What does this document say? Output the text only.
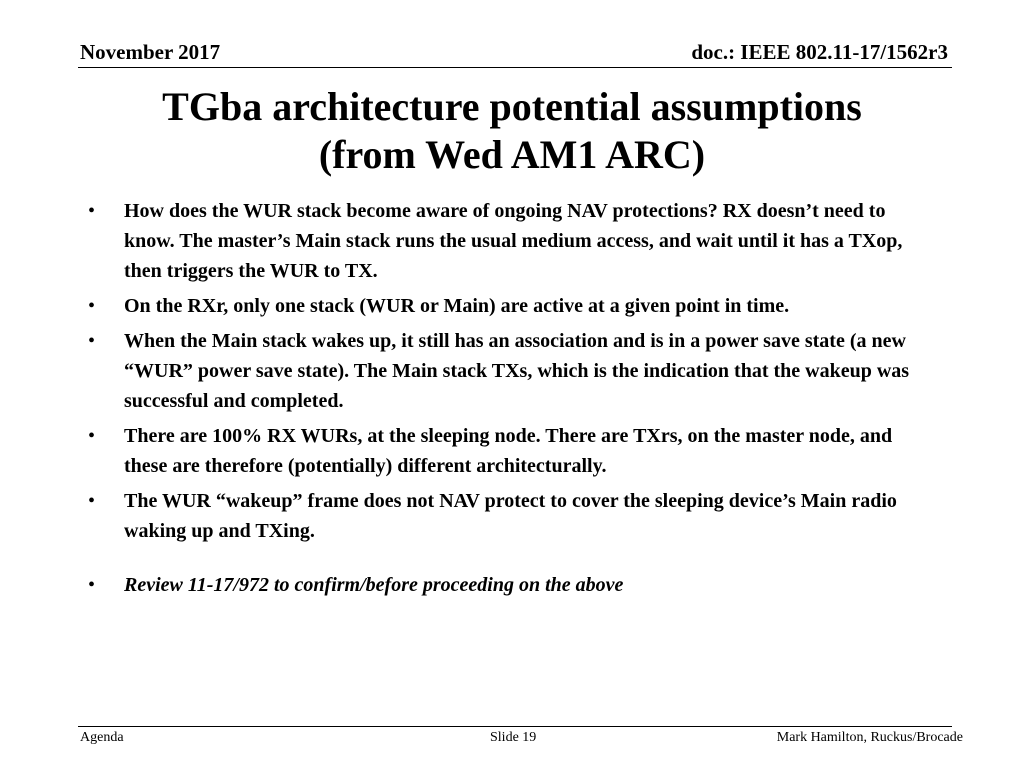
November 2017	doc.: IEEE 802.11-17/1562r3
TGba architecture potential assumptions
(from Wed AM1 ARC)
• How does the WUR stack become aware of ongoing NAV protections? RX doesn’t need to know. The master’s Main stack runs the usual medium access, and wait until it has a TXop, then triggers the WUR to TX.
• On the RXr, only one stack (WUR or Main) are active at a given point in time.
• When the Main stack wakes up, it still has an association and is in a power save state (a new “WUR” power save state). The Main stack TXs, which is the indication that the wakeup was successful and completed.
• There are 100% RX WURs, at the sleeping node. There are TXrs, on the master node, and these are therefore (potentially) different architecturally.
• The WUR “wakeup” frame does not NAV protect to cover the sleeping device’s Main radio waking up and TXing.
• Review 11-17/972 to confirm/before proceeding on the above
Agenda	Slide 19	Mark Hamilton, Ruckus/Brocade
